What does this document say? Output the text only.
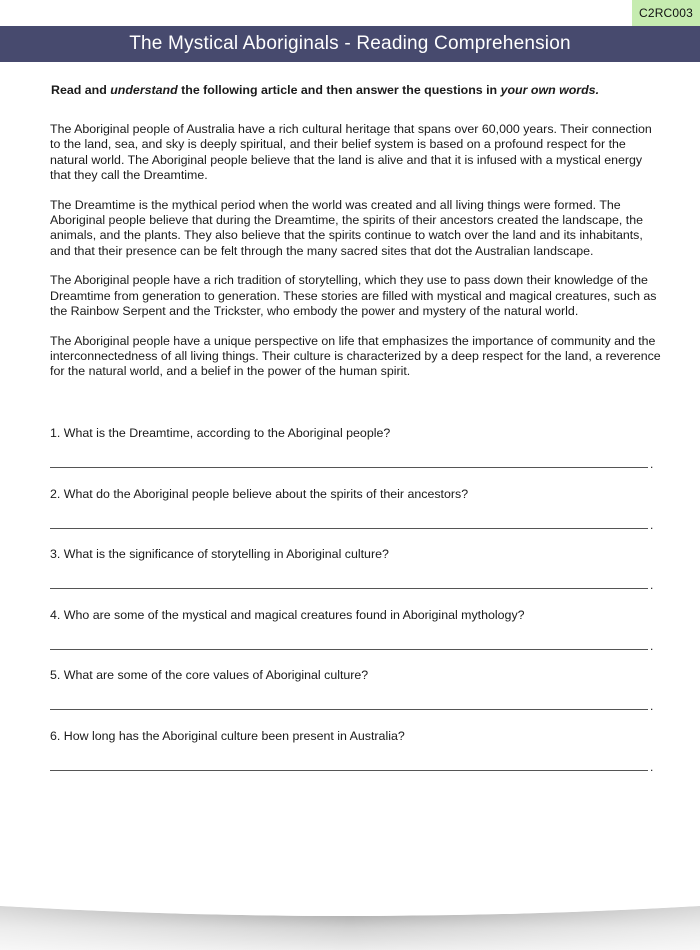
C2RC003
The Mystical Aboriginals - Reading Comprehension
Read and understand the following article and then answer the questions in your own words.

The Aboriginal people of Australia have a rich cultural heritage that spans over 60,000 years. Their connection to the land, sea, and sky is deeply spiritual, and their belief system is based on a profound respect for the natural world. The Aboriginal people believe that the land is alive and that it is infused with a mystical energy that they call the Dreamtime.

The Dreamtime is the mythical period when the world was created and all living things were formed. The Aboriginal people believe that during the Dreamtime, the spirits of their ancestors created the landscape, the animals, and the plants. They also believe that the spirits continue to watch over the land and its inhabitants, and that their presence can be felt through the many sacred sites that dot the Australian landscape.

The Aboriginal people have a rich tradition of storytelling, which they use to pass down their knowledge of the Dreamtime from generation to generation. These stories are filled with mystical and magical creatures, such as the Rainbow Serpent and the Trickster, who embody the power and mystery of the natural world.

The Aboriginal people have a unique perspective on life that emphasizes the importance of community and the interconnectedness of all living things. Their culture is characterized by a deep respect for the land, a reverence for the natural world, and a belief in the power of the human spirit.

1. What is the Dreamtime, according to the Aboriginal people?
.
2. What do the Aboriginal people believe about the spirits of their ancestors?
.
3. What is the significance of storytelling in Aboriginal culture?
.
4. Who are some of the mystical and magical creatures found in Aboriginal mythology?
.
5. What are some of the core values of Aboriginal culture?
.
6. How long has the Aboriginal culture been present in Australia?
.
